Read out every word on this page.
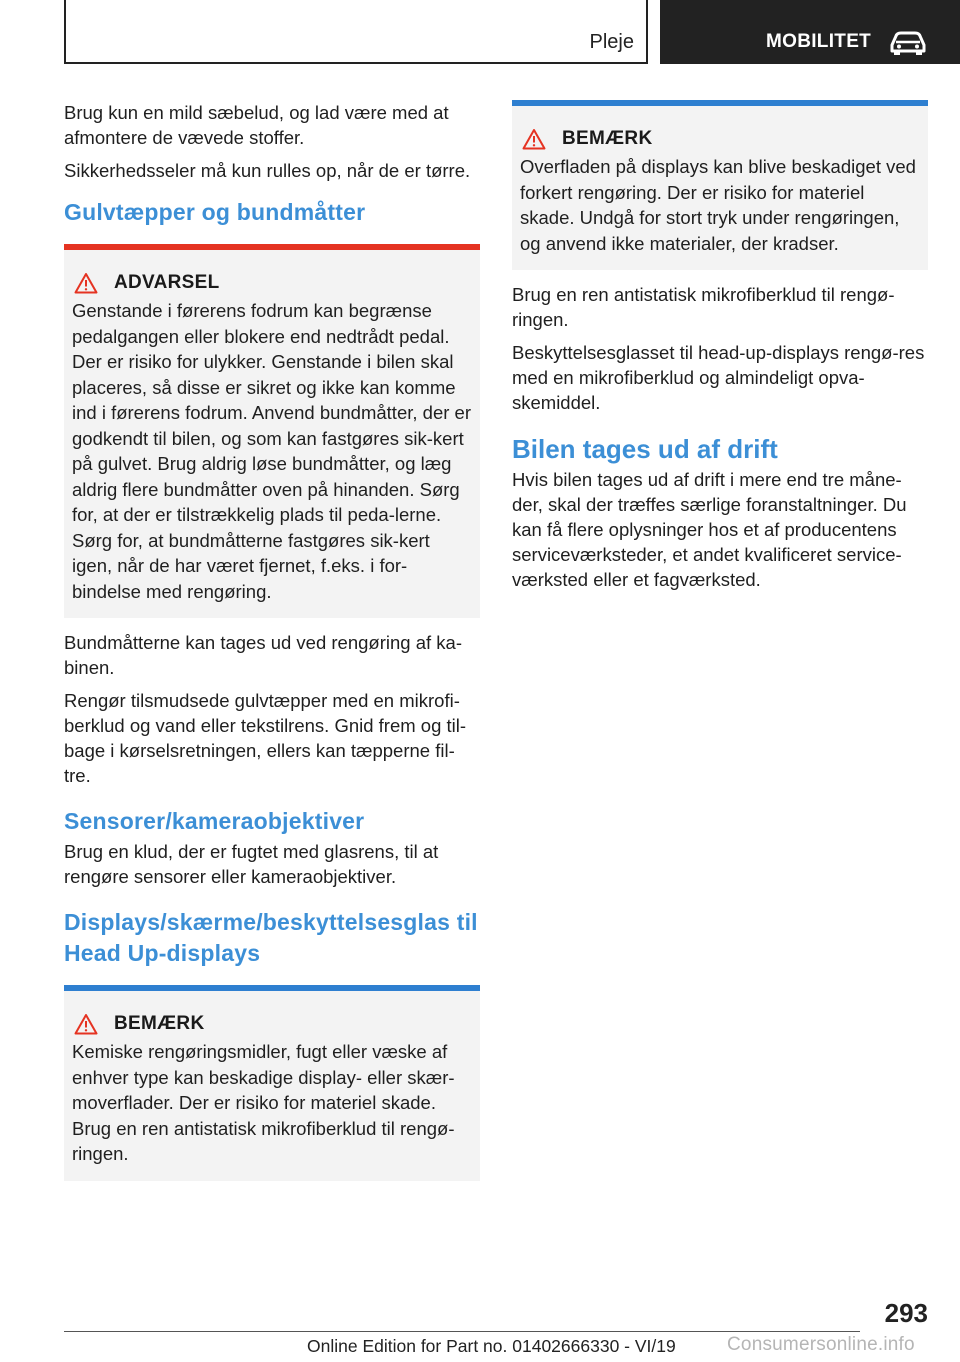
Pleje	MOBILITET

Brug kun en mild sæbelud, og lad være med at afmontere de vævede stoffer.

Sikkerhedsseler må kun rulles op, når de er tørre.

Gulvtæpper og bundmåtter
ADVARSEL
Genstande i førerens fodrum kan begrænse pedalgangen eller blokere end nedtrådt pedal. Der er risiko for ulykker. Genstande i bilen skal placeres, så disse er sikret og ikke kan komme ind i førerens fodrum. Anvend bundmåtter, der er godkendt til bilen, og som kan fastgøres sik‐kert på gulvet. Brug aldrig løse bundmåtter, og læg aldrig flere bundmåtter oven på hinanden. Sørg for, at der er tilstrækkelig plads til peda‐lerne. Sørg for, at bundmåtterne fastgøres sik‐kert igen, når de har været fjernet, f.eks. i for‐bindelse med rengøring.

Bundmåtterne kan tages ud ved rengøring af ka‐binen.

Rengør tilsmudsede gulvtæpper med en mikrofi‐berklud og vand eller tekstilrens. Gnid frem og til‐bage i kørselsretningen, ellers kan tæpperne fil‐tre.

Sensorer/kameraobjektiver

Brug en klud, der er fugtet med glasrens, til at rengøre sensorer eller kameraobjektiver.

Displays/skærme/beskyttelsesglas til Head Up-displays
BEMÆRK
Kemiske rengøringsmidler, fugt eller væske af enhver type kan beskadige display- eller skær‐moverflader. Der er risiko for materiel skade. Brug en ren antistatisk mikrofiberklud til rengø‐ringen.
BEMÆRK
Overfladen på displays kan blive beskadiget ved forkert rengøring. Der er risiko for materiel skade. Undgå for stort tryk under rengøringen, og anvend ikke materialer, der kradser.

Brug en ren antistatisk mikrofiberklud til rengø‐ringen.

Beskyttelsesglasset til head-up-displays rengø‐res med en mikrofiberklud og almindeligt opva‐skemiddel.

Bilen tages ud af drift

Hvis bilen tages ud af drift i mere end tre måne‐der, skal der træffes særlige foranstaltninger. Du kan få flere oplysninger hos et af producentens serviceværksteder, et andet kvalificeret service‐værksted eller et fagværksted.

293
Online Edition for Part no. 01402666330 - VI/19	Consumersonline.info
